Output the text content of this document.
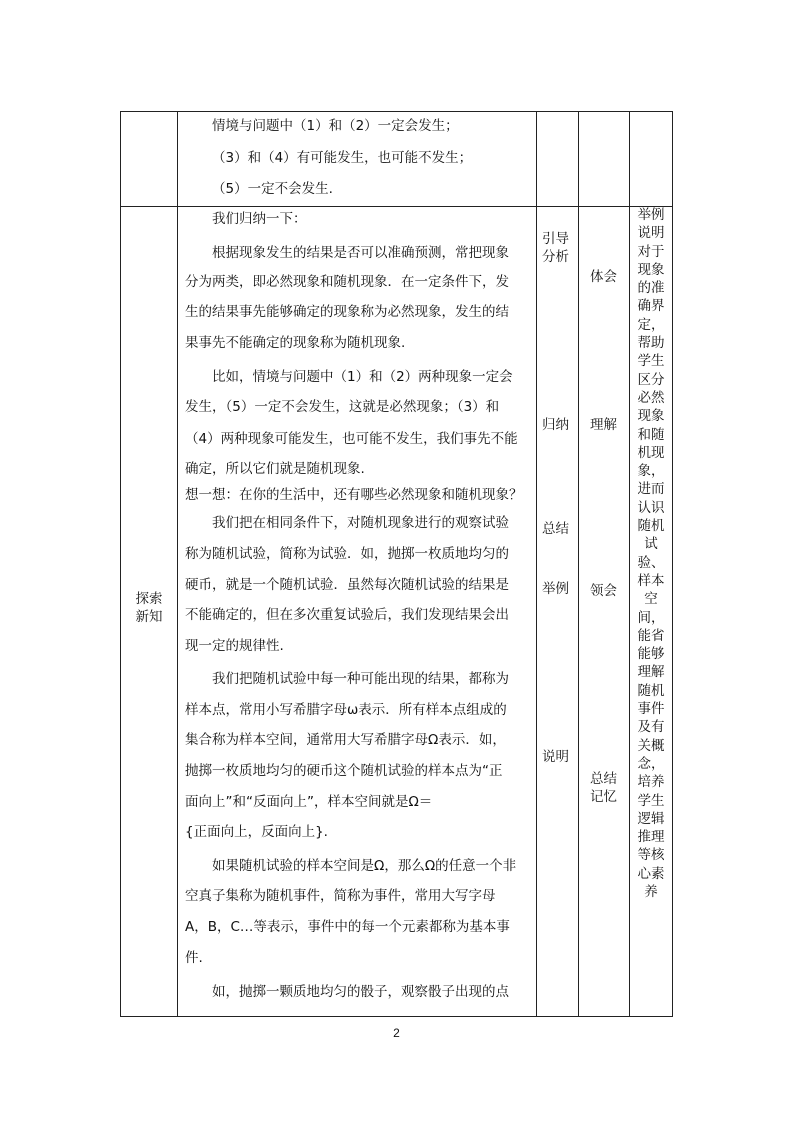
情境与问题中（1）和（2）一定会发生；
（3）和（4）有可能发生，也可能不发生；
（5）一定不会发生.
探索
新知
我们归纳一下：
根据现象发生的结果是否可以准确预测，常把现象
分为两类，即必然现象和随机现象．在一定条件下，发
生的结果事先能够确定的现象称为必然现象，发生的结
果事先不能确定的现象称为随机现象.
比如，情境与问题中（1）和（2）两种现象一定会
发生，（5）一定不会发生，这就是必然现象；（3）和
（4）两种现象可能发生，也可能不发生，我们事先不能
确定，所以它们就是随机现象.
想一想：在你的生活中，还有哪些必然现象和随机现象？
我们把在相同条件下，对随机现象进行的观察试验
称为随机试验，简称为试验．如，抛掷一枚质地均匀的
硬币，就是一个随机试验．虽然每次随机试验的结果是
不能确定的，但在多次重复试验后，我们发现结果会出
现一定的规律性.
我们把随机试验中每一种可能出现的结果，都称为
样本点，常用小写希腊字母ω表示．所有样本点组成的
集合称为样本空间，通常用大写希腊字母Ω表示．如，
抛掷一枚质地均匀的硬币这个随机试验的样本点为“正
面向上”和“反面向上”，样本空间就是Ω＝
{正面向上，反面向上}.
如果随机试验的样本空间是Ω，那么Ω的任意一个非
空真子集称为随机事件，简称为事件，常用大写字母
A，B，C…等表示，事件中的每一个元素都称为基本事
件.
如，抛掷一颗质地均匀的骰子，观察骰子出现的点
引导
分析
归纳
总结
举例
说明
体会
理解
领会
总结
记忆
举例
说明
对于
现象
的准
确界
定，
帮助
学生
区分
必然
现象
和随
机现
象，
进而
认识
随机
试
验、
样本
空
间，
能省
能够
理解
随机
事件
及有
关概
念，
培养
学生
逻辑
推理
等核
心素
养
2
